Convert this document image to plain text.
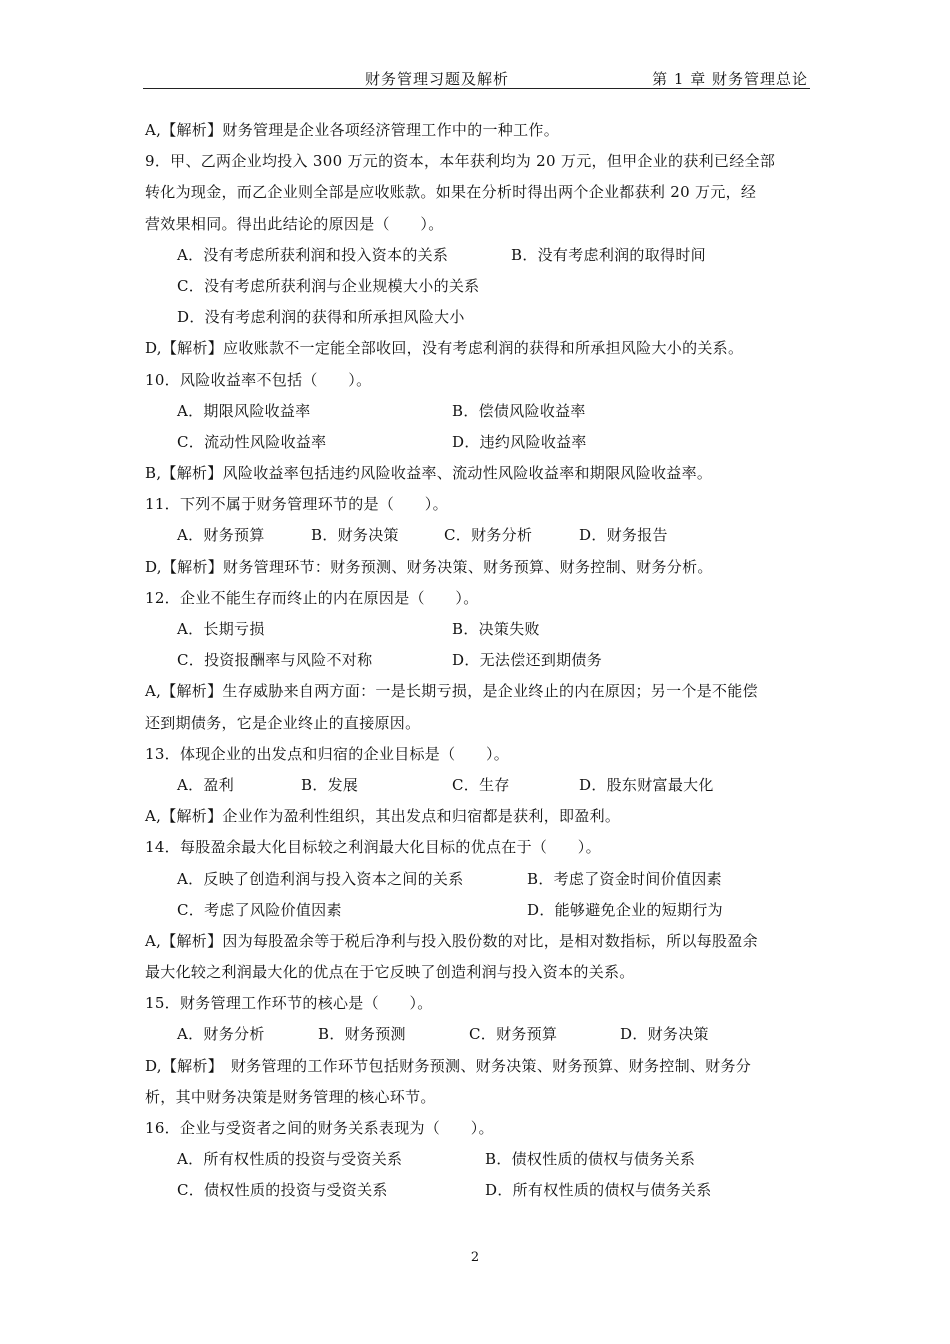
财务管理习题及解析	第 1 章 财务管理总论
A,【解析】财务管理是企业各项经济管理工作中的一种工作。
9．甲、乙两企业均投入 300 万元的资本，本年获利均为 20 万元，但甲企业的获利已经全部
转化为现金，而乙企业则全部是应收账款。如果在分析时得出两个企业都获利 20 万元，经
营效果相同。得出此结论的原因是（　　）。
A．没有考虑所获利润和投入资本的关系	B．没有考虑利润的取得时间
C．没有考虑所获利润与企业规模大小的关系
D．没有考虑利润的获得和所承担风险大小
D,【解析】应收账款不一定能全部收回，没有考虑利润的获得和所承担风险大小的关系。
10．风险收益率不包括（　　）。
A．期限风险收益率	B．偿债风险收益率
C．流动性风险收益率	D．违约风险收益率
B,【解析】风险收益率包括违约风险收益率、流动性风险收益率和期限风险收益率。
11．下列不属于财务管理环节的是（　　）。
A．财务预算	B．财务决策	C．财务分析	D．财务报告
D,【解析】财务管理环节：财务预测、财务决策、财务预算、财务控制、财务分析。
12．企业不能生存而终止的内在原因是（　　）。
A．长期亏损	B．决策失败
C．投资报酬率与风险不对称	D．无法偿还到期债务
A,【解析】生存威胁来自两方面：一是长期亏损，是企业终止的内在原因；另一个是不能偿
还到期债务，它是企业终止的直接原因。
13．体现企业的出发点和归宿的企业目标是（　　）。
A．盈利	B．发展	C．生存	D．股东财富最大化
A,【解析】企业作为盈利性组织，其出发点和归宿都是获利，即盈利。
14．每股盈余最大化目标较之利润最大化目标的优点在于（　　）。
A．反映了创造利润与投入资本之间的关系	B．考虑了资金时间价值因素
C．考虑了风险价值因素	D．能够避免企业的短期行为
A,【解析】因为每股盈余等于税后净利与投入股份数的对比，是相对数指标，所以每股盈余
最大化较之利润最大化的优点在于它反映了创造利润与投入资本的关系。
15．财务管理工作环节的核心是（　　）。
A．财务分析	B．财务预测	C．财务预算	D．财务决策
D,【解析】　财务管理的工作环节包括财务预测、财务决策、财务预算、财务控制、财务分
析，其中财务决策是财务管理的核心环节。
16．企业与受资者之间的财务关系表现为（　　）。
A．所有权性质的投资与受资关系	B．债权性质的债权与债务关系
C．债权性质的投资与受资关系	D．所有权性质的债权与债务关系
2
